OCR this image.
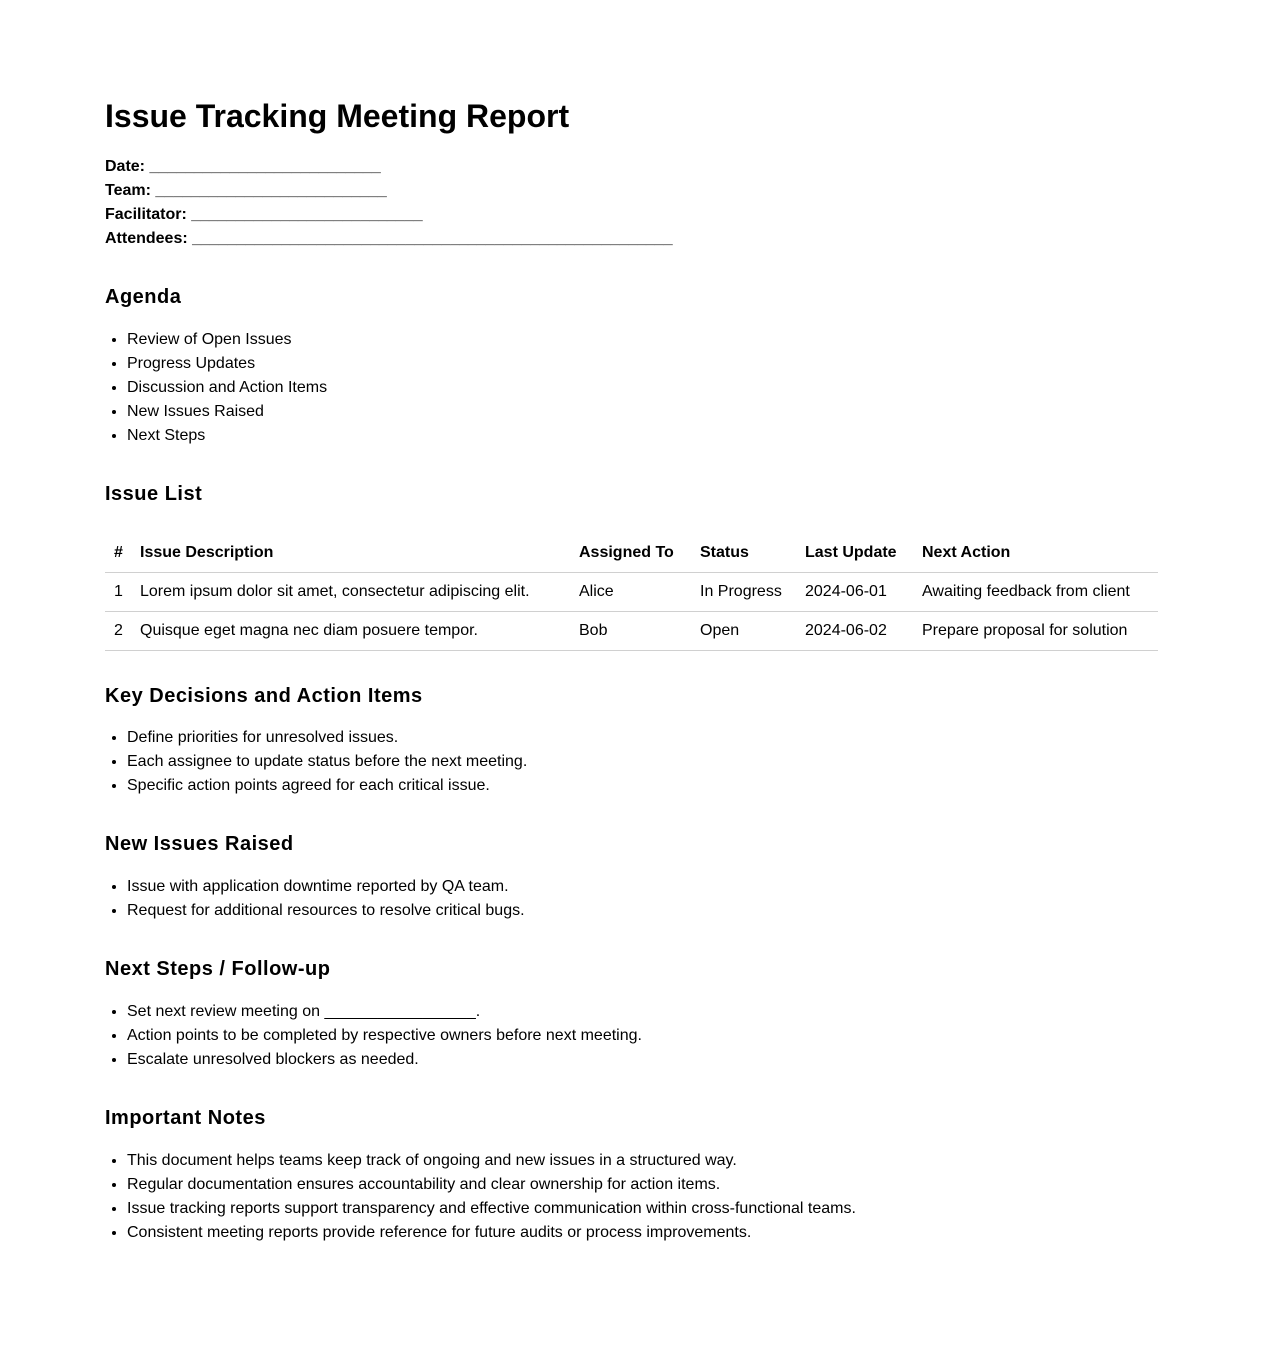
Issue Tracking Meeting Report
Date: __________________________
Team: __________________________
Facilitator: __________________________
Attendees: ______________________________________________________
Agenda
• Review of Open Issues
• Progress Updates
• Discussion and Action Items
• New Issues Raised
• Next Steps
Issue List
#	Issue Description	Assigned To	Status	Last Update	Next Action
1	Lorem ipsum dolor sit amet, consectetur adipiscing elit.	Alice	In Progress	2024-06-01	Awaiting feedback from client
2	Quisque eget magna nec diam posuere tempor.	Bob	Open	2024-06-02	Prepare proposal for solution
Key Decisions and Action Items
• Define priorities for unresolved issues.
• Each assignee to update status before the next meeting.
• Specific action points agreed for each critical issue.
New Issues Raised
• Issue with application downtime reported by QA team.
• Request for additional resources to resolve critical bugs.
Next Steps / Follow-up
• Set next review meeting on _________________.
• Action points to be completed by respective owners before next meeting.
• Escalate unresolved blockers as needed.
Important Notes
• This document helps teams keep track of ongoing and new issues in a structured way.
• Regular documentation ensures accountability and clear ownership for action items.
• Issue tracking reports support transparency and effective communication within cross-functional teams.
• Consistent meeting reports provide reference for future audits or process improvements.
